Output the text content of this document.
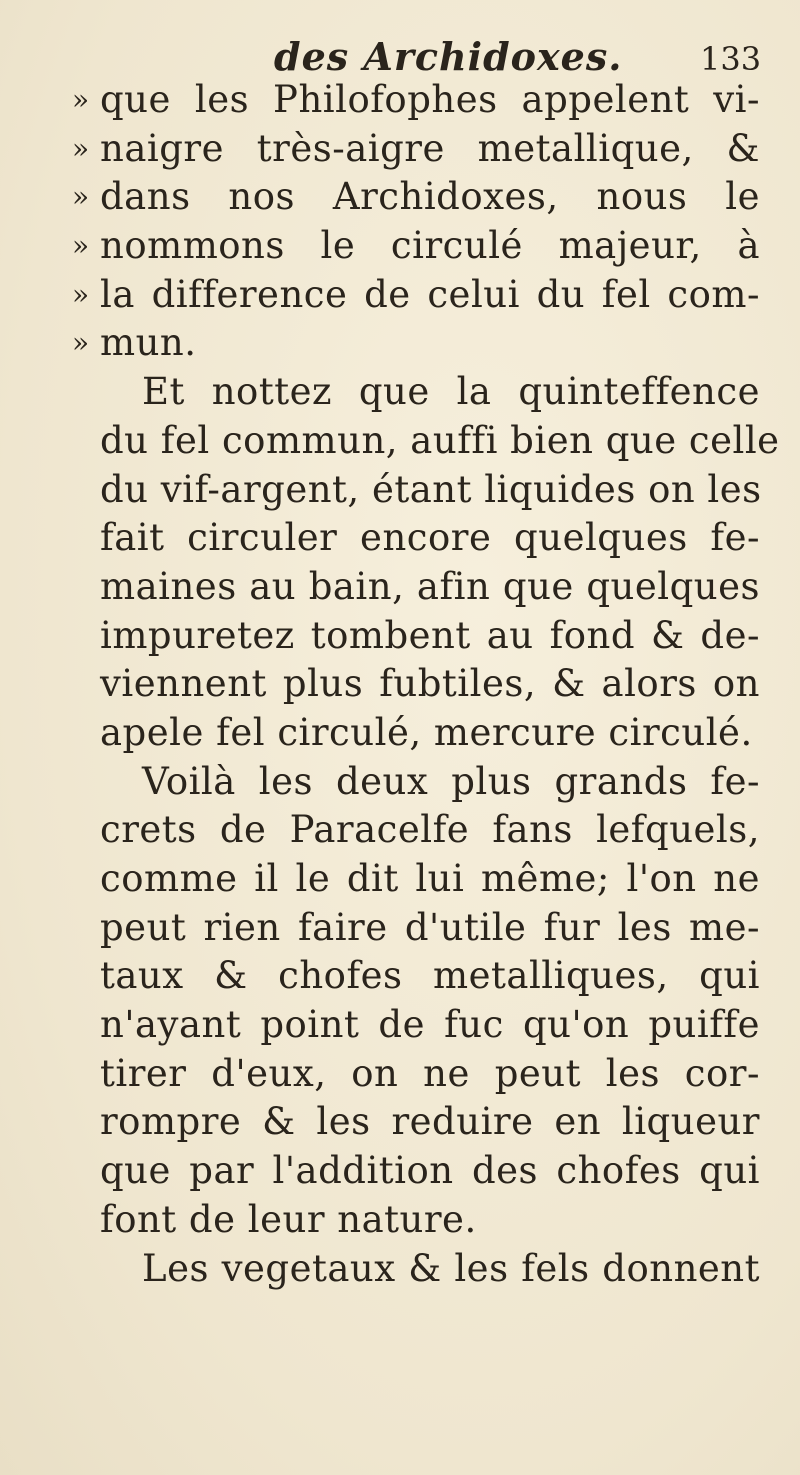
des Archidoxes. 133
» que les Philofophes appelent vi-
» naigre très-aigre metallique, &
» dans nos Archidoxes, nous le
» nommons le circulé majeur, à
» la difference de celui du fel com-
» mun.
Et nottez que la quinteffence
du fel commun, auffi bien que celle
du vif-argent, étant liquides on les
fait circuler encore quelques fe-
maines au bain, afin que quelques
impuretez tombent au fond & de-
viennent plus fubtiles, & alors on
apele fel circulé, mercure circulé.
Voilà les deux plus grands fe-
crets de Paracelfe fans lefquels,
comme il le dit lui même; l'on ne
peut rien faire d'utile fur les me-
taux & chofes metalliques, qui
n'ayant point de fuc qu'on puiffe
tirer d'eux, on ne peut les cor-
rompre & les reduire en liqueur
que par l'addition des chofes qui
font de leur nature.
Les vegetaux & les fels donnent
